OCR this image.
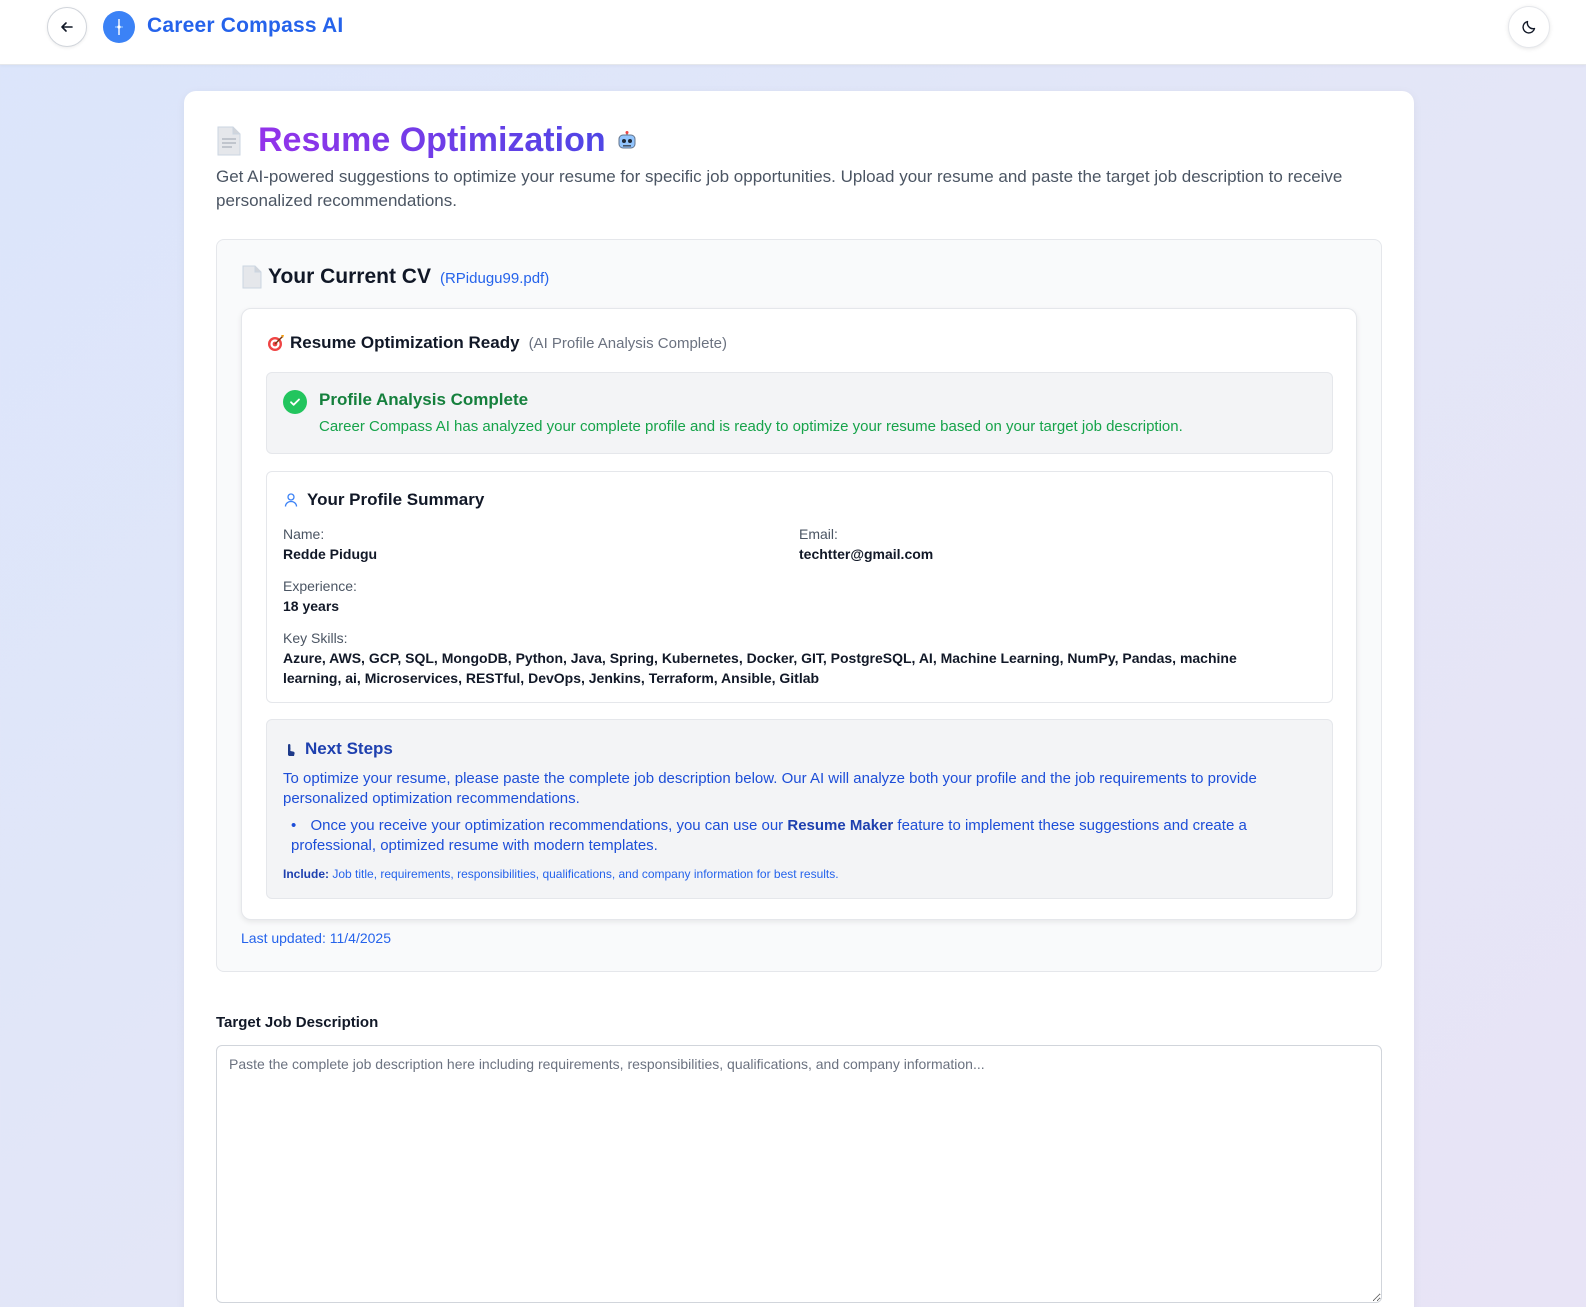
Career Compass AI
Resume Optimization

Get AI-powered suggestions to optimize your resume for specific job opportunities. Upload your resume and paste the target job description to receive personalized recommendations.

Your Current CV (RPidugu99.pdf)
Resume Optimization Ready (AI Profile Analysis Complete)
Profile Analysis Complete
Career Compass AI has analyzed your complete profile and is ready to optimize your resume based on your target job description.
Your Profile Summary
Name:
Redde Pidugu
Email:
techtter@gmail.com
Experience:
18 years
Key Skills:
Azure, AWS, GCP, SQL, MongoDB, Python, Java, Spring, Kubernetes, Docker, GIT, PostgreSQL, AI, Machine Learning, NumPy, Pandas, machine learning, ai, Microservices, RESTful, DevOps, Jenkins, Terraform, Ansible, Gitlab
Next Steps
To optimize your resume, please paste the complete job description below. Our AI will analyze both your profile and the job requirements to provide personalized optimization recommendations.
• Once you receive your optimization recommendations, you can use our Resume Maker feature to implement these suggestions and create a professional, optimized resume with modern templates.
Include: Job title, requirements, responsibilities, qualifications, and company information for best results.
Last updated: 11/4/2025
Target Job Description
Paste the complete job description here including requirements, responsibilities, qualifications, and company information...
